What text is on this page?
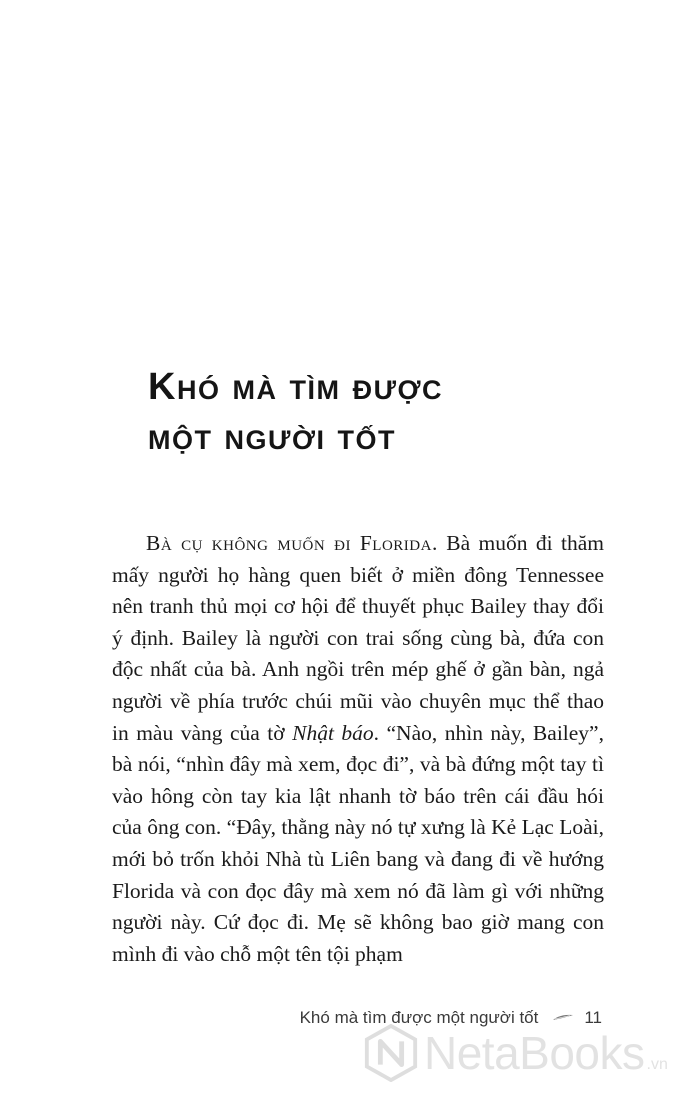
Khó mà tìm được
một người tốt

Bà cụ không muốn đi Florida. Bà muốn đi thăm mấy người họ hàng quen biết ở miền đông Tennessee nên tranh thủ mọi cơ hội để thuyết phục Bailey thay đổi ý định. Bailey là người con trai sống cùng bà, đứa con độc nhất của bà. Anh ngồi trên mép ghế ở gần bàn, ngả người về phía trước chúi mũi vào chuyên mục thể thao in màu vàng của tờ Nhật báo. “Nào, nhìn này, Bailey”, bà nói, “nhìn đây mà xem, đọc đi”, và bà đứng một tay tì vào hông còn tay kia lật nhanh tờ báo trên cái đầu hói của ông con. “Đây, thằng này nó tự xưng là Kẻ Lạc Loài, mới bỏ trốn khỏi Nhà tù Liên bang và đang đi về hướng Florida và con đọc đây mà xem nó đã làm gì với những người này. Cứ đọc đi. Mẹ sẽ không bao giờ mang con mình đi vào chỗ một tên tội phạm

Khó mà tìm được một người tốt	11
NetaBooks .vn
